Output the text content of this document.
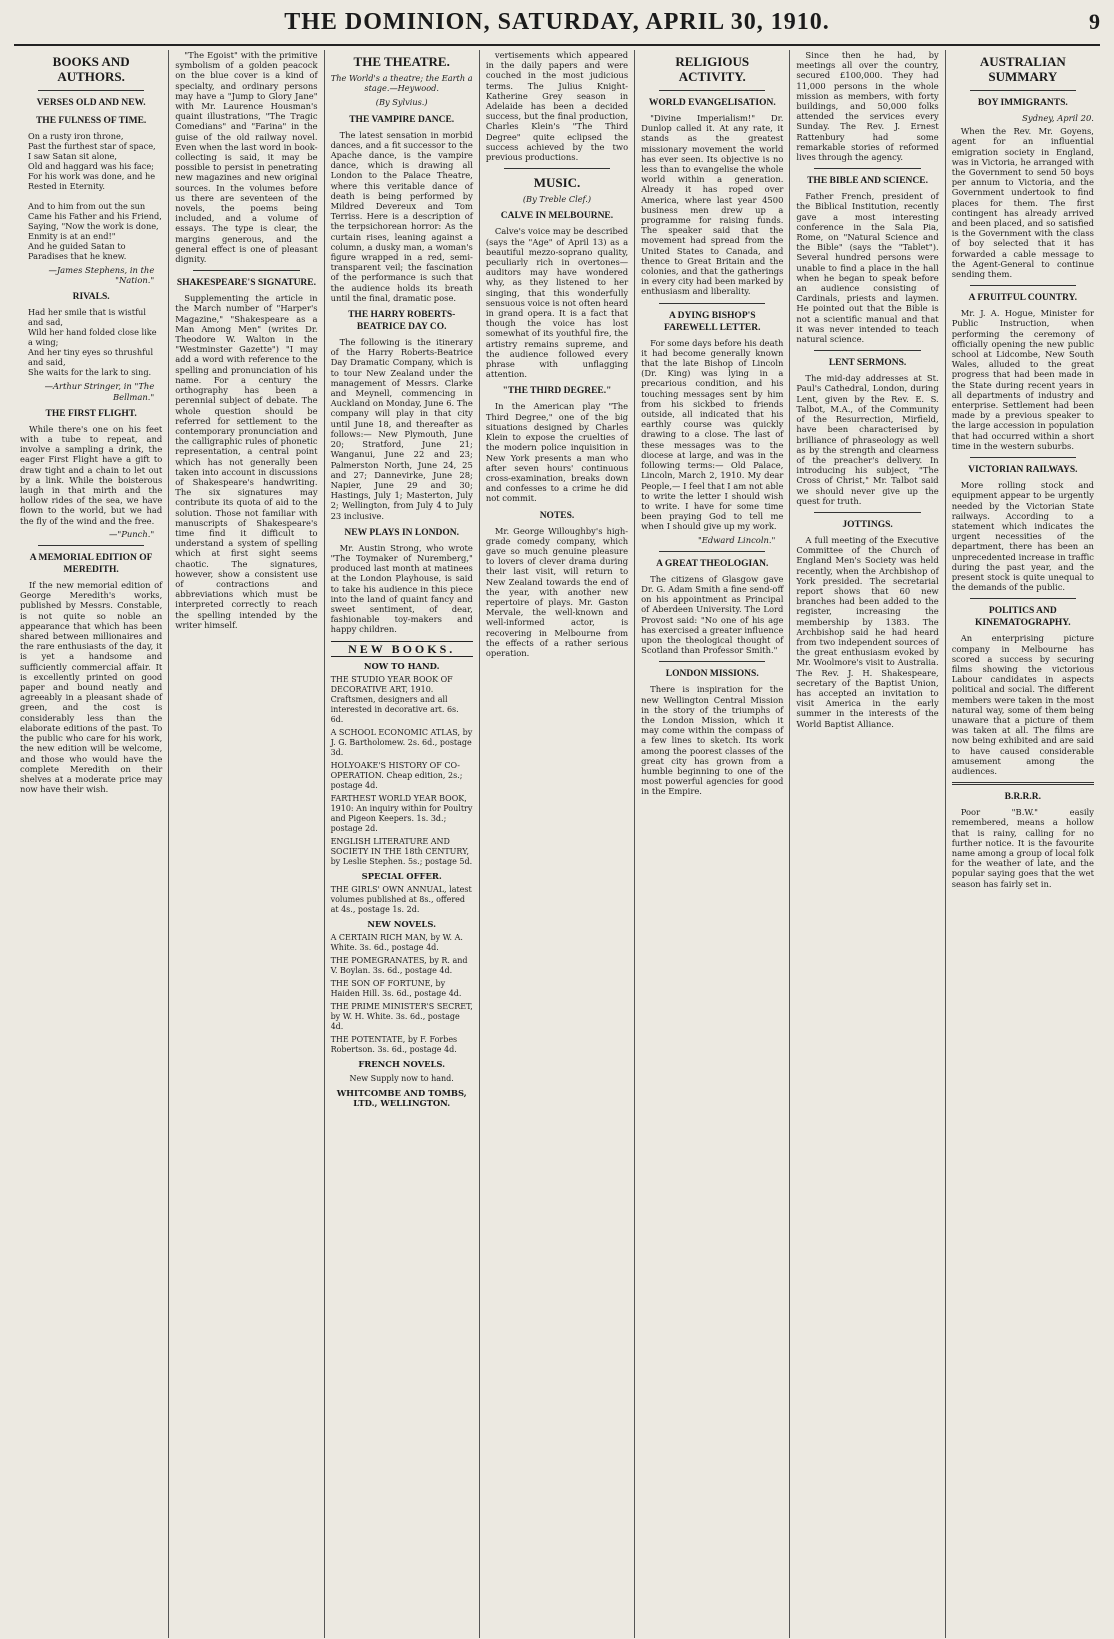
THE DOMINION, SATURDAY, APRIL 30, 1910.	9
BOOKS AND AUTHORS.
VERSES OLD AND NEW.
THE FULNESS OF TIME.
On a rusty iron throne,
Past the furthest star of space,
I saw Satan sit alone,
Old and haggard was his face;
For his work was done, and he
Rested in Eternity.

And to him from out the sun
Came his Father and his Friend,
Saying, "Now the work is done,
Enmity is at an end!"
And he guided Satan to
Paradises that he knew.
—James Stephens, in the "Nation."
RIVALS.
Had her smile that is wistful and sad,
Wild her hand folded close like a wing;
And her tiny eyes so thrushful and said,
She waits for the lark to sing.
—Arthur Stringer, in "The Bellman."
THE FIRST FLIGHT.

While there's one on his feet with a tube to repeat, and involve a sampling a drink, the eager First Flight have a gift to draw tight and a chain to let out by a link. While the boisterous laugh in that mirth and the hollow rides of the sea, we have flown to the world, but we had the fly of the wind and the free.

—"Punch."
A MEMORIAL EDITION OF MEREDITH.

If the new memorial edition of George Meredith's works, published by Messrs. Constable, is not quite so noble an appearance that which has been shared between millionaires and the rare enthusiasts of the day, it is yet a handsome and sufficiently commercial affair. It is excellently printed on good paper and bound neatly and agreeably in a pleasant shade of green, and the cost is considerably less than the elaborate editions of the past. To the public who care for his work, the new edition will be welcome, and those who would have the complete Meredith on their shelves at a moderate price may now have their wish.

"The Egoist" with the primitive symbolism of a golden peacock on the blue cover is a kind of specialty, and ordinary persons may have a "Jump to Glory Jane" with Mr. Laurence Housman's quaint illustrations, "The Tragic Comedians" and "Farina" in the guise of the old railway novel. Even when the last word in book-collecting is said, it may be possible to persist in penetrating new magazines and new original sources. In the volumes before us there are seventeen of the novels, the poems being included, and a volume of essays. The type is clear, the margins generous, and the general effect is one of pleasant dignity.

SHAKESPEARE'S SIGNATURE.

Supplementing the article in the March number of "Harper's Magazine," "Shakespeare as a Man Among Men" (writes Dr. Theodore W. Walton in the "Westminster Gazette") "I may add a word with reference to the spelling and pronunciation of his name. For a century the orthography has been a perennial subject of debate. The whole question should be referred for settlement to the contemporary pronunciation and the calligraphic rules of phonetic representation, a central point which has not generally been taken into account in discussions of Shakespeare's handwriting. The six signatures may contribute its quota of aid to the solution. Those not familiar with manuscripts of Shakespeare's time find it difficult to understand a system of spelling which at first sight seems chaotic. The signatures, however, show a consistent use of contractions and abbreviations which must be interpreted correctly to reach the spelling intended by the writer himself.

THE THEATRE.
The World's a theatre; the Earth a stage.—Heywood.
(By Sylvius.)
THE VAMPIRE DANCE.

The latest sensation in morbid dances, and a fit successor to the Apache dance, is the vampire dance, which is drawing all London to the Palace Theatre, where this veritable dance of death is being performed by Mildred Devereux and Tom Terriss. Here is a description of the terpsichorean horror: As the curtain rises, leaning against a column, a dusky man, a woman's figure wrapped in a red, semi-transparent veil; the fascination of the performance is such that the audience holds its breath until the final, dramatic pose.

THE HARRY ROBERTS-BEATRICE DAY CO.

The following is the itinerary of the Harry Roberts-Beatrice Day Dramatic Company, which is to tour New Zealand under the management of Messrs. Clarke and Meynell, commencing in Auckland on Monday, June 6. The company will play in that city until June 18, and thereafter as follows:— New Plymouth, June 20; Stratford, June 21; Wanganui, June 22 and 23; Palmerston North, June 24, 25 and 27; Dannevirke, June 28; Napier, June 29 and 30; Hastings, July 1; Masterton, July 2; Wellington, from July 4 to July 23 inclusive.

NEW PLAYS IN LONDON.

Mr. Austin Strong, who wrote "The Toymaker of Nuremberg," produced last month at matinees at the London Playhouse, is said to take his audience in this piece into the land of quaint fancy and sweet sentiment, of dear, fashionable toy-makers and happy children.

NEW BOOKS.
NOW TO HAND.
THE STUDIO YEAR BOOK OF DECORATIVE ART, 1910. Craftsmen, designers and all interested in decorative art. 6s. 6d.
A SCHOOL ECONOMIC ATLAS, by J. G. Bartholomew. 2s. 6d., postage 3d.
HOLYOAKE'S HISTORY OF CO-OPERATION. Cheap edition, 2s.; postage 4d.
FARTHEST WORLD YEAR BOOK, 1910: An inquiry within for Poultry and Pigeon Keepers. 1s. 3d.; postage 2d.
ENGLISH LITERATURE AND SOCIETY IN THE 18th CENTURY, by Leslie Stephen. 5s.; postage 5d.
SPECIAL OFFER.
THE GIRLS' OWN ANNUAL, latest volumes published at 8s., offered at 4s., postage 1s. 2d.
NEW NOVELS.
A CERTAIN RICH MAN, by W. A. White. 3s. 6d., postage 4d.
THE POMEGRANATES, by R. and V. Boylan. 3s. 6d., postage 4d.
THE SON OF FORTUNE, by Haiden Hill. 3s. 6d., postage 4d.
THE PRIME MINISTER'S SECRET, by W. H. White. 3s. 6d., postage 4d.
THE POTENTATE, by F. Forbes Robertson. 3s. 6d., postage 4d.
FRENCH NOVELS.
New Supply now to hand.
WHITCOMBE AND TOMBS, LTD., WELLINGTON.

vertisements which appeared in the daily papers and were couched in the most judicious terms. The Julius Knight-Katherine Grey season in Adelaide has been a decided success, but the final production, Charles Klein's "The Third Degree" quite eclipsed the success achieved by the two previous productions.

MUSIC.
(By Treble Clef.)
CALVE IN MELBOURNE.

Calve's voice may be described (says the "Age" of April 13) as a beautiful mezzo-soprano quality, peculiarly rich in overtones—auditors may have wondered why, as they listened to her singing, that this wonderfully sensuous voice is not often heard in grand opera. It is a fact that though the voice has lost somewhat of its youthful fire, the artistry remains supreme, and the audience followed every phrase with unflagging attention.

"THE THIRD DEGREE."

In the American play "The Third Degree," one of the big situations designed by Charles Klein to expose the cruelties of the modern police inquisition in New York presents a man who after seven hours' continuous cross-examination, breaks down and confesses to a crime he did not commit.

NOTES.

Mr. George Willoughby's high-grade comedy company, which gave so much genuine pleasure to lovers of clever drama during their last visit, will return to New Zealand towards the end of the year, with another new repertoire of plays. Mr. Gaston Mervale, the well-known and well-informed actor, is recovering in Melbourne from the effects of a rather serious operation.

RELIGIOUS ACTIVITY.
WORLD EVANGELISATION.

"Divine Imperialism!" Dr. Dunlop called it. At any rate, it stands as the greatest missionary movement the world has ever seen. Its objective is no less than to evangelise the whole world within a generation. Already it has roped over America, where last year 4500 business men drew up a programme for raising funds. The speaker said that the movement had spread from the United States to Canada, and thence to Great Britain and the colonies, and that the gatherings in every city had been marked by enthusiasm and liberality.

A DYING BISHOP'S FAREWELL LETTER.

For some days before his death it had become generally known that the late Bishop of Lincoln (Dr. King) was lying in a precarious condition, and his touching messages sent by him from his sickbed to friends outside, all indicated that his earthly course was quickly drawing to a close. The last of these messages was to the diocese at large, and was in the following terms:— Old Palace, Lincoln, March 2, 1910. My dear People,— I feel that I am not able to write the letter I should wish to write. I have for some time been praying God to tell me when I should give up my work.

"Edward Lincoln."
A GREAT THEOLOGIAN.

The citizens of Glasgow gave Dr. G. Adam Smith a fine send-off on his appointment as Principal of Aberdeen University. The Lord Provost said: "No one of his age has exercised a greater influence upon the theological thought of Scotland than Professor Smith."

LONDON MISSIONS.

There is inspiration for the new Wellington Central Mission in the story of the triumphs of the London Mission, which it may come within the compass of a few lines to sketch. Its work among the poorest classes of the great city has grown from a humble beginning to one of the most powerful agencies for good in the Empire.

Since then he had, by meetings all over the country, secured £100,000. They had 11,000 persons in the whole mission as members, with forty buildings, and 50,000 folks attended the services every Sunday. The Rev. J. Ernest Rattenbury had some remarkable stories of reformed lives through the agency.

THE BIBLE AND SCIENCE.

Father French, president of the Biblical Institution, recently gave a most interesting conference in the Sala Pia, Rome, on "Natural Science and the Bible" (says the "Tablet"). Several hundred persons were unable to find a place in the hall when he began to speak before an audience consisting of Cardinals, priests and laymen. He pointed out that the Bible is not a scientific manual and that it was never intended to teach natural science.

LENT SERMONS.

The mid-day addresses at St. Paul's Cathedral, London, during Lent, given by the Rev. E. S. Talbot, M.A., of the Community of the Resurrection, Mirfield, have been characterised by brilliance of phraseology as well as by the strength and clearness of the preacher's delivery. In introducing his subject, "The Cross of Christ," Mr. Talbot said we should never give up the quest for truth.

JOTTINGS.

A full meeting of the Executive Committee of the Church of England Men's Society was held recently, when the Archbishop of York presided. The secretarial report shows that 60 new branches had been added to the register, increasing the membership by 1383. The Archbishop said he had heard from two independent sources of the great enthusiasm evoked by Mr. Woolmore's visit to Australia. The Rev. J. H. Shakespeare, secretary of the Baptist Union, has accepted an invitation to visit America in the early summer in the interests of the World Baptist Alliance.

AUSTRALIAN SUMMARY
BOY IMMIGRANTS.
Sydney, April 20.

When the Rev. Mr. Goyens, agent for an influential emigration society in England, was in Victoria, he arranged with the Government to send 50 boys per annum to Victoria, and the Government undertook to find places for them. The first contingent has already arrived and been placed, and so satisfied is the Government with the class of boy selected that it has forwarded a cable message to the Agent-General to continue sending them.

A FRUITFUL COUNTRY.

Mr. J. A. Hogue, Minister for Public Instruction, when performing the ceremony of officially opening the new public school at Lidcombe, New South Wales, alluded to the great progress that had been made in the State during recent years in all departments of industry and enterprise. Settlement had been made by a previous speaker to the large accession in population that had occurred within a short time in the western suburbs.

VICTORIAN RAILWAYS.

More rolling stock and equipment appear to be urgently needed by the Victorian State railways. According to a statement which indicates the urgent necessities of the department, there has been an unprecedented increase in traffic during the past year, and the present stock is quite unequal to the demands of the public.

POLITICS AND KINEMATOGRAPHY.

An enterprising picture company in Melbourne has scored a success by securing films showing the victorious Labour candidates in aspects political and social. The different members were taken in the most natural way, some of them being unaware that a picture of them was taken at all. The films are now being exhibited and are said to have caused considerable amusement among the audiences.

B.R.R.R.

Poor "B.W." easily remembered, means a hollow that is rainy, calling for no further notice. It is the favourite name among a group of local folk for the weather of late, and the popular saying goes that the wet season has fairly set in.
